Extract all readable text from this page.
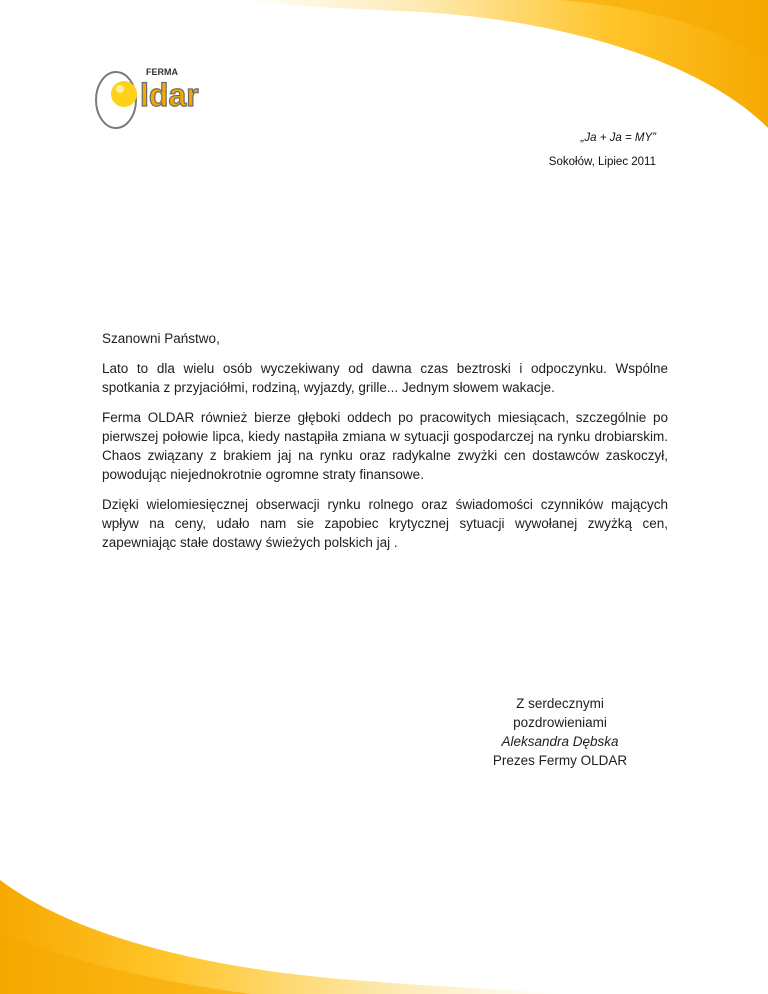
FERMA
ldar
„Ja + Ja = MY”
Sokołów, Lipiec 2011

Szanowni Państwo,

Lato to dla wielu osób wyczekiwany od dawna czas beztroski i odpoczynku. Wspólne spotkania z przyjaciółmi, rodziną, wyjazdy, grille... Jednym słowem wakacje.

Ferma OLDAR również bierze głęboki oddech po pracowitych miesiącach, szczególnie po pierwszej połowie lipca, kiedy nastąpiła zmiana w sytuacji gospodarczej na rynku drobiarskim. Chaos związany z brakiem jaj na rynku oraz radykalne zwyżki cen dostawców zaskoczył, powodując niejednokrotnie ogromne straty finansowe.

Dzięki wielomiesięcznej obserwacji rynku rolnego oraz świadomości czynników mających wpływ na ceny, udało nam sie zapobiec krytycznej sytuacji wywołanej zwyżką cen, zapewniając stałe dostawy świeżych polskich jaj .

Z serdecznymi
pozdrowieniami
Aleksandra Dębska
Prezes Fermy OLDAR
